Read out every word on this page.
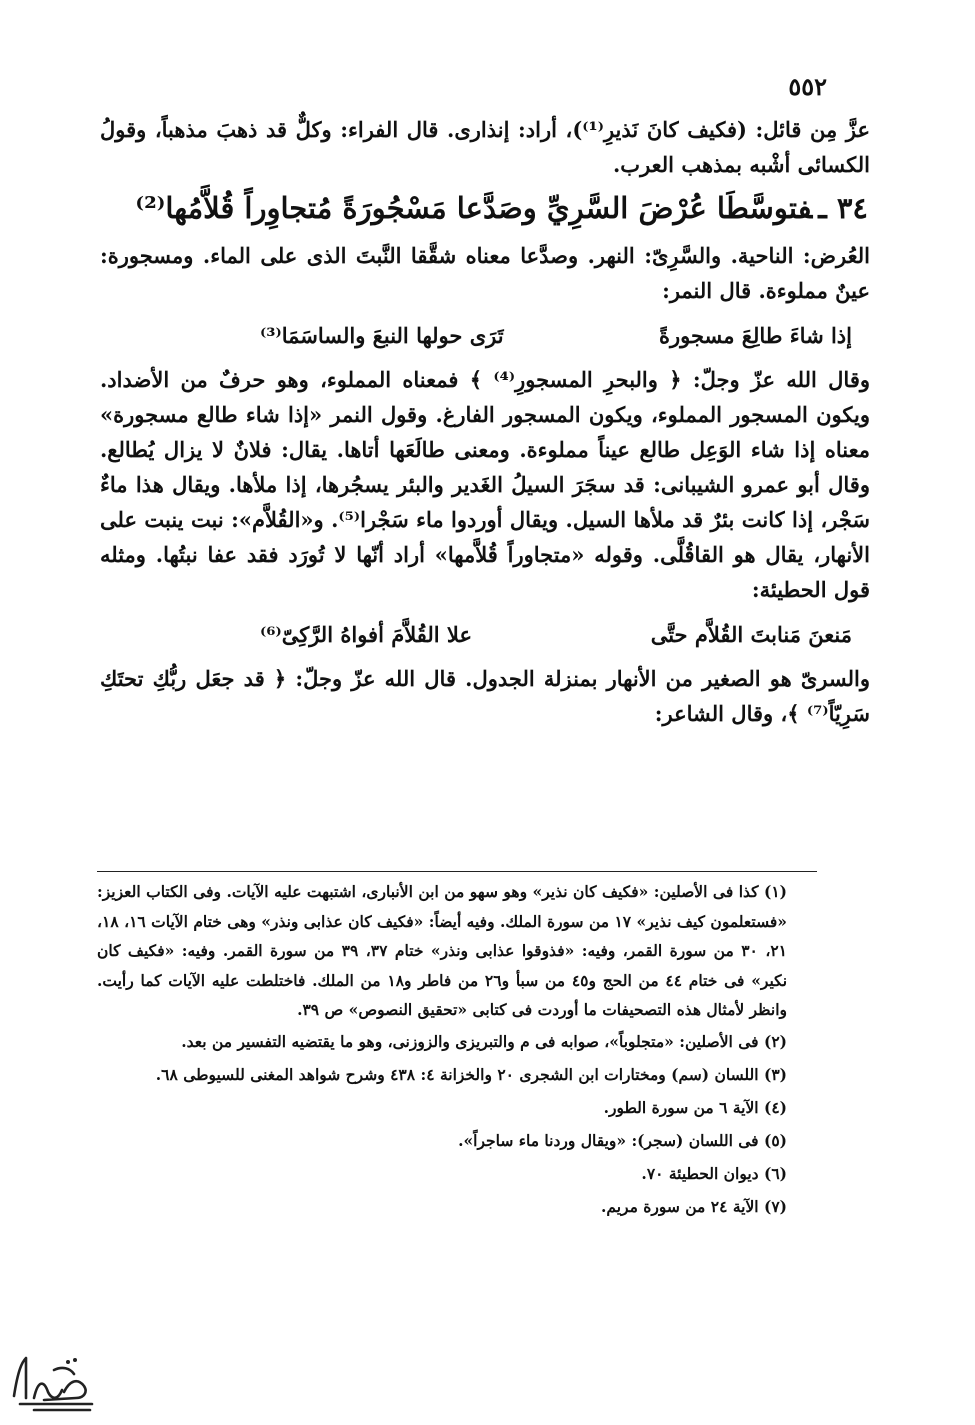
٥٥٢

عزَّ مِن قائل: (فكيف كانَ نَذيرِ⁽¹⁾)، أراد: إنذارى. قال الفراء: وكلٌّ قد ذهبَ مذهباً، وقولُ الكسائى أشْبه بمذهب العرب.

٣٤ ـفتوسَّطَا عُرْضَ السَّرِيِّ وصَدَّعا مَسْجُورَةً مُتجاوِراً قُلاَّمُها⁽²⁾

العُرض: الناحية. والسَّرِىّ: النهر. وصدَّعا معناه شقَّقا النَّبتَ الذى على الماء. ومسجورة: عينٌ مملوءة. قال النمر:

إذا شاءَ طالِعَ مسجورةً
تَرَى حولها النبعَ والساسَمَا⁽³⁾

وقال الله عزّ وجلّ: ﴿ والبحرِ المسجورِ⁽⁴⁾ ﴾ فمعناه المملوء، وهو حرفٌ من الأضداد. ويكون المسجور المملوء، ويكون المسجور الفارغ. وقول النمر «إذا شاء طالع مسجورة» معناه إذا شاء الوَعِل طالع عيناً مملوءة. ومعنى طالَعَها أتاها. يقال: فلانٌ لا يزال يُطالع. وقال أبو عمرو الشيبانى: قد سجَرَ السيلُ الغَدير والبئر يسجُرها، إذا ملأها. ويقال هذا ماءٌ سَجْر، إذا كانت بئرٌ قد ملأها السيل. ويقال أوردوا ماء سَجْرا⁽⁵⁾. و«القُلاَّم»: نبت ينبت على الأنهار، يقال هو القاقُلَّى. وقوله «متجاوراً قُلاَّمها» أراد أنّها لا تُورَد فقد عفا نبتُها. ومثله قول الحطيئة:

مَنعنَ مَنابتَ القُلاَّم حتَّى
علا القُلاَّمَ أفواهُ الرَّكِىّ⁽⁶⁾

والسرىّ هو الصغير من الأنهار بمنزلة الجدول. قال الله عزّ وجلّ: ﴿ قد جعَل ربُّكِ تحتَكِ سَرِيّاً⁽⁷⁾ ﴾، وقال الشاعر:

(١) كذا فى الأصلين: «فكيف كان نذير» وهو سهو من ابن الأنبارى، اشتبهت عليه الآيات. وفى الكتاب العزيز: «فستعلمون كيف نذير» ١٧ من سورة الملك. وفيه أيضاً: «فكيف كان عذابى ونذر» وهى ختام الآيات ١٦، ١٨، ٢١، ٣٠ من سورة القمر، وفيه: «فذوقوا عذابى ونذر» ختام ٣٧، ٣٩ من سورة القمر. وفيه: «فكيف كان نكير» فى ختام ٤٤ من الحج و٤٥ من سبأ و٢٦ من فاطر و١٨ من الملك. فاختلطت عليه الآيات كما رأيت. وانظر لأمثال هذه التصحيفات ما أوردت فى كتابى «تحقيق النصوص» ص ٣٩.

(٢) فى الأصلين: «متجلوباً»، صوابه فى م والتبريزى والزوزنى، وهو ما يقتضيه التفسير من بعد.

(٣) اللسان (سم) ومختارات ابن الشجرى ٢٠ والخزانة ٤: ٤٣٨ وشرح شواهد المغنى للسيوطى ٦٨.

(٤) الآية ٦ من سورة الطور.

(٥) فى اللسان (سجر): «ويقال وردنا ماء ساجراً».

(٦) ديوان الحطيئة ٧٠.

(٧) الآية ٢٤ من سورة مريم.
